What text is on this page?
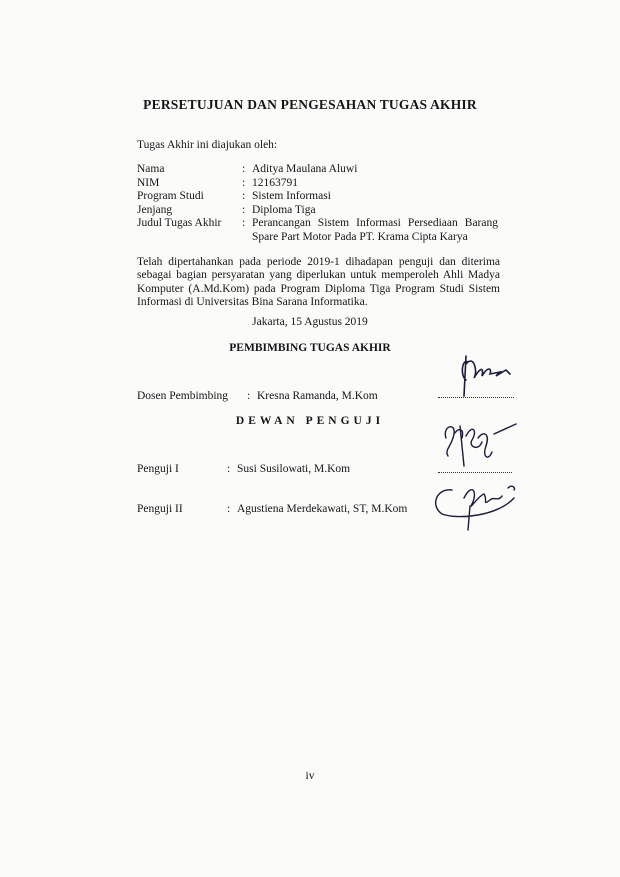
PERSETUJUAN DAN PENGESAHAN TUGAS AKHIR
Tugas Akhir ini diajukan oleh:
Nama	: Aditya Maulana Aluwi
NIM	: 12163791
Program Studi	: Sistem Informasi
Jenjang	: Diploma Tiga
Judul Tugas Akhir	: Perancangan Sistem Informasi Persediaan Barang Spare Part Motor Pada PT. Krama Cipta Karya
Telah dipertahankan pada periode 2019-1 dihadapan penguji dan diterima sebagai bagian persyaratan yang diperlukan untuk memperoleh Ahli Madya Komputer (A.Md.Kom) pada Program Diploma Tiga Program Studi Sistem Informasi di Universitas Bina Sarana Informatika.
Jakarta, 15 Agustus 2019
PEMBIMBING TUGAS AKHIR
Dosen Pembimbing	: Kresna Ramanda, M.Kom
DEWAN PENGUJI
Penguji I	: Susi Susilowati, M.Kom
Penguji II	: Agustiena Merdekawati, ST, M.Kom
iv
